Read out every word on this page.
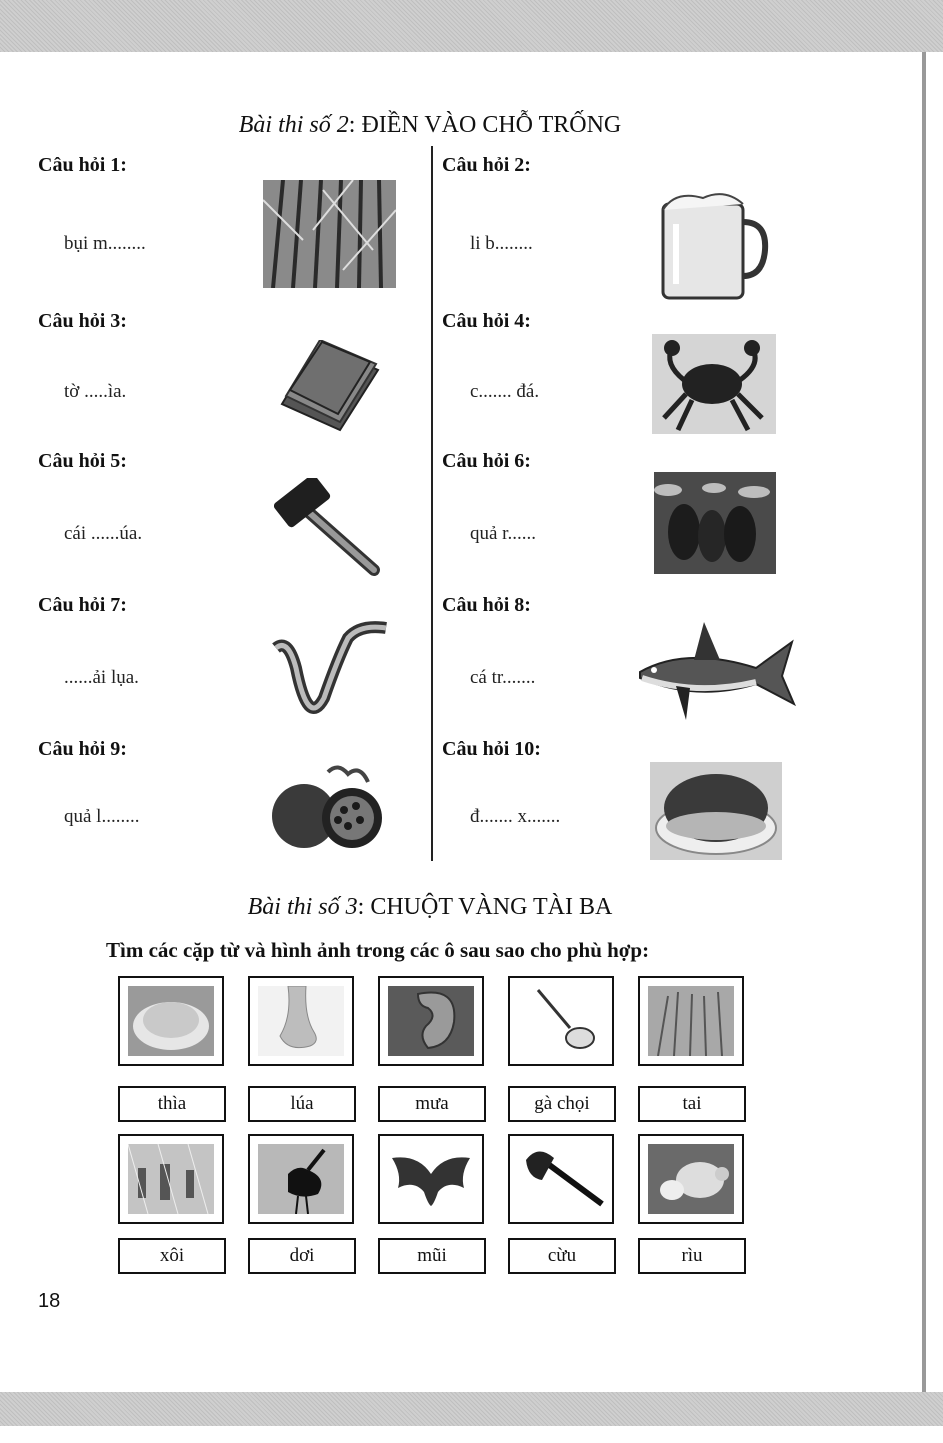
Bài thi số 2: ĐIỀN VÀO CHỖ TRỐNG
Câu hỏi 1:
bụi m........
Câu hỏi 2:
li b........
Câu hỏi 3:
tờ .....ìa.
Câu hỏi 4:
c....... đá.
Câu hỏi 5:
cái ......úa.
Câu hỏi 6:
quả r......
Câu hỏi 7:
......ải lụa.
Câu hỏi 8:
cá tr.......
Câu hỏi 9:
quả l........
Câu hỏi 10:
đ....... x.......
Bài thi số 3: CHUỘT VÀNG TÀI BA
Tìm các cặp từ và hình ảnh trong các ô sau sao cho phù hợp:
thìa	lúa	mưa	gà chọi	tai
xôi	dơi	mũi	cừu	rìu
18
